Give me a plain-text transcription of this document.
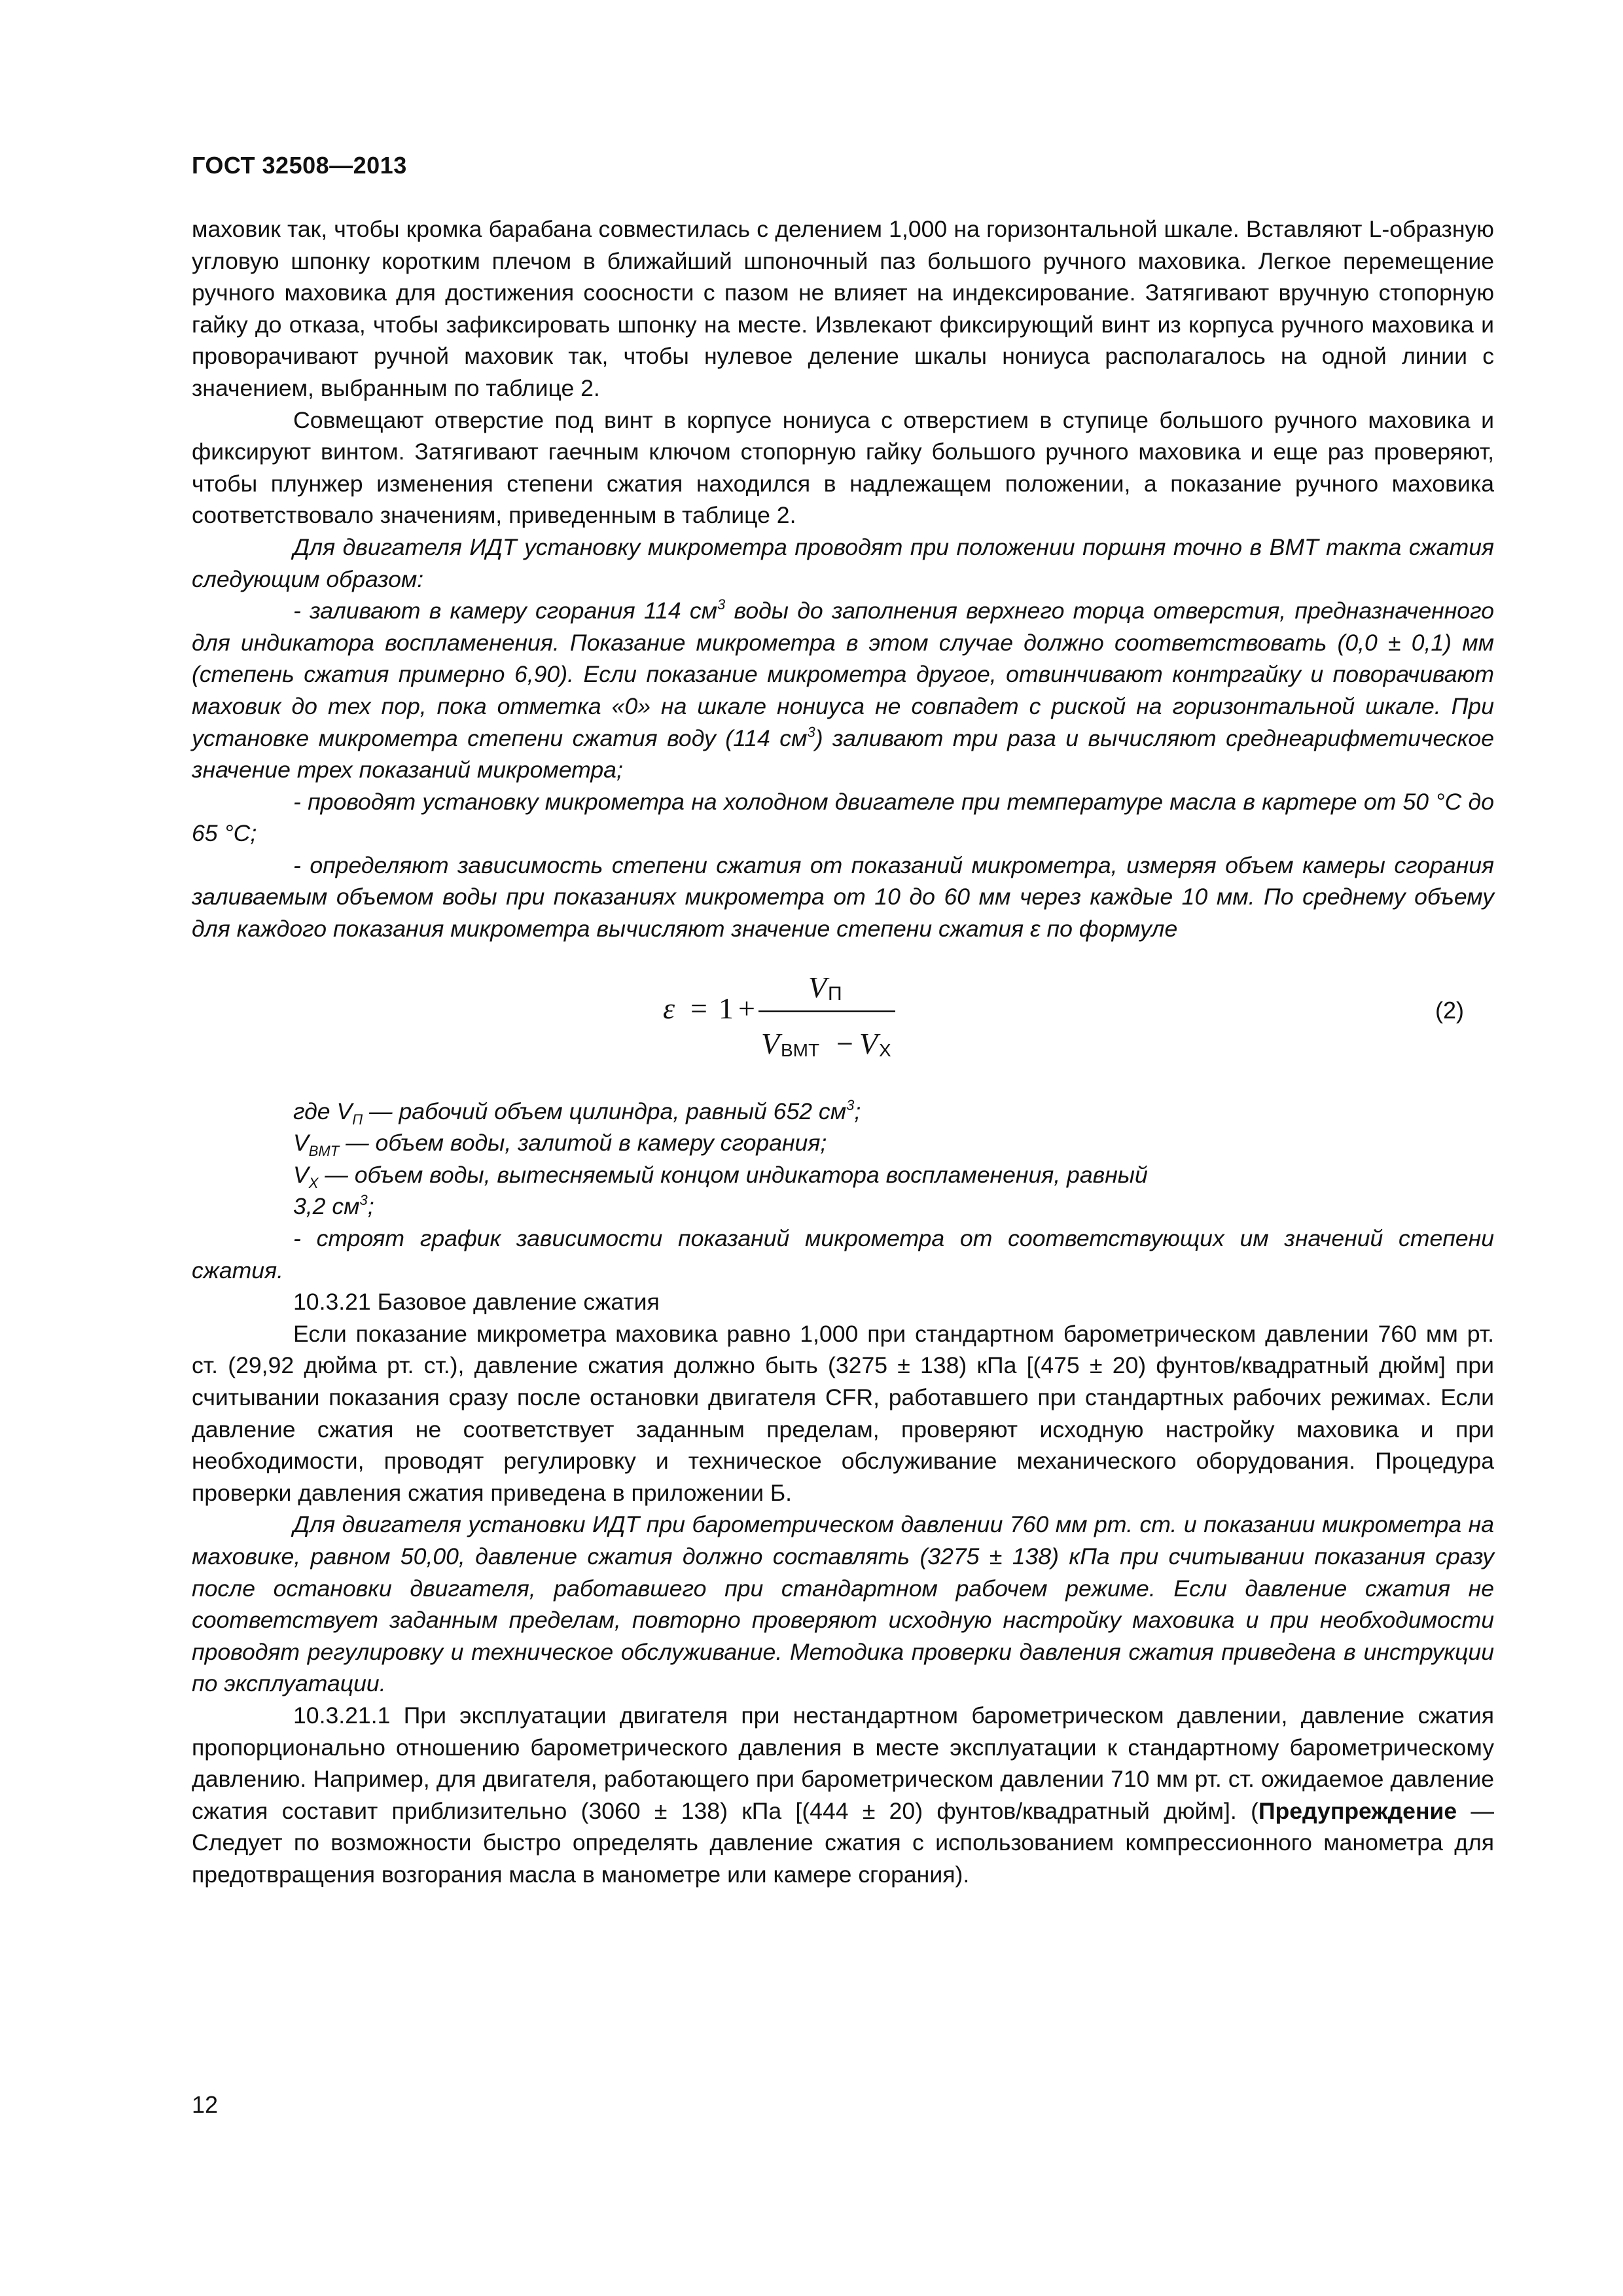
ГОСТ 32508—2013

маховик так, чтобы кромка барабана совместилась с делением 1,000 на горизонтальной шкале. Вставляют L-образную угловую шпонку коротким плечом в ближайший шпоночный паз большого ручного маховика. Легкое перемещение ручного маховика для достижения соосности с пазом не влияет на индексирование. Затягивают вручную стопорную гайку до отказа, чтобы зафиксировать шпонку на месте. Извлекают фиксирующий винт из корпуса ручного маховика и проворачивают ручной маховик так, чтобы нулевое деление шкалы нониуса располагалось на одной линии с значением, выбранным по таблице 2.

Совмещают отверстие под винт в корпусе нониуса с отверстием в ступице большого ручного маховика и фиксируют винтом. Затягивают гаечным ключом стопорную гайку большого ручного маховика и еще раз проверяют, чтобы плунжер изменения степени сжатия находился в надлежащем положении, а показание ручного маховика соответствовало значениям, приведенным в таблице 2.

Для двигателя ИДТ установку микрометра проводят при положении поршня точно в ВМТ такта сжатия следующим образом:

- заливают в камеру сгорания 114 $см^3$ воды до заполнения верхнего торца отверстия, предназначенного для индикатора воспламенения. Показание микрометра в этом случае должно соответствовать (0,0 ± 0,1) мм (степень сжатия примерно 6,90). Если показание микрометра другое, отвинчивают контргайку и поворачивают маховик до тех пор, пока отметка «0» на шкале нониуса не совпадет с риской на горизонтальной шкале. При установке микрометра степени сжатия воду (114 $см^3$) заливают три раза и вычисляют среднеарифметическое значение трех показаний микрометра;

- проводят установку микрометра на холодном двигателе при температуре масла в картере от 50 °С до 65 °С;

- определяют зависимость степени сжатия от показаний микрометра, измеряя объем камеры сгорания заливаемым объемом воды при показаниях микрометра от 10 до 60 мм через каждые 10 мм. По среднему объему для каждого показания микрометра вычисляют значение степени сжатия ε по формуле

ε = 1 +
V П
V ВМТ − V X
(2)
где $V_П$ — рабочий объем цилиндра, равный 652 $см^3$;
$V_{ВМТ}$ — объем воды, залитой в камеру сгорания;
$V_X$ — объем воды, вытесняемый концом индикатора воспламенения, равный
3,2 $см^3$;

- строят график зависимости показаний микрометра от соответствующих им значений степени сжатия.

10.3.21 Базовое давление сжатия

Если показание микрометра маховика равно 1,000 при стандартном барометрическом давлении 760 мм рт. ст. (29,92 дюйма рт. ст.), давление сжатия должно быть (3275 ± 138) кПа [(475 ± 20) фунтов/квадратный дюйм] при считывании показания сразу после остановки двигателя CFR, работавшего при стандартных рабочих режимах. Если давление сжатия не соответствует заданным пределам, проверяют исходную настройку маховика и при необходимости, проводят регулировку и техническое обслуживание механического оборудования. Процедура проверки давления сжатия приведена в приложении Б.

Для двигателя установки ИДТ при барометрическом давлении 760 мм рт. ст. и показании микрометра на маховике, равном 50,00, давление сжатия должно составлять (3275 ± 138) кПа при считывании показания сразу после остановки двигателя, работавшего при стандартном рабочем режиме. Если давление сжатия не соответствует заданным пределам, повторно проверяют исходную настройку маховика и при необходимости проводят регулировку и техническое обслуживание. Методика проверки давления сжатия приведена в инструкции по эксплуатации.

10.3.21.1 При эксплуатации двигателя при нестандартном барометрическом давлении, давление сжатия пропорционально отношению барометрического давления в месте эксплуатации к стандартному барометрическому давлению. Например, для двигателя, работающего при барометрическом давлении 710 мм рт. ст. ожидаемое давление сжатия составит приблизительно (3060 ± 138) кПа [(444 ± 20) фунтов/квадратный дюйм]. (Предупреждение — Следует по возможности быстро определять давление сжатия с использованием компрессионного манометра для предотвращения возгорания масла в манометре или камере сгорания).

12
